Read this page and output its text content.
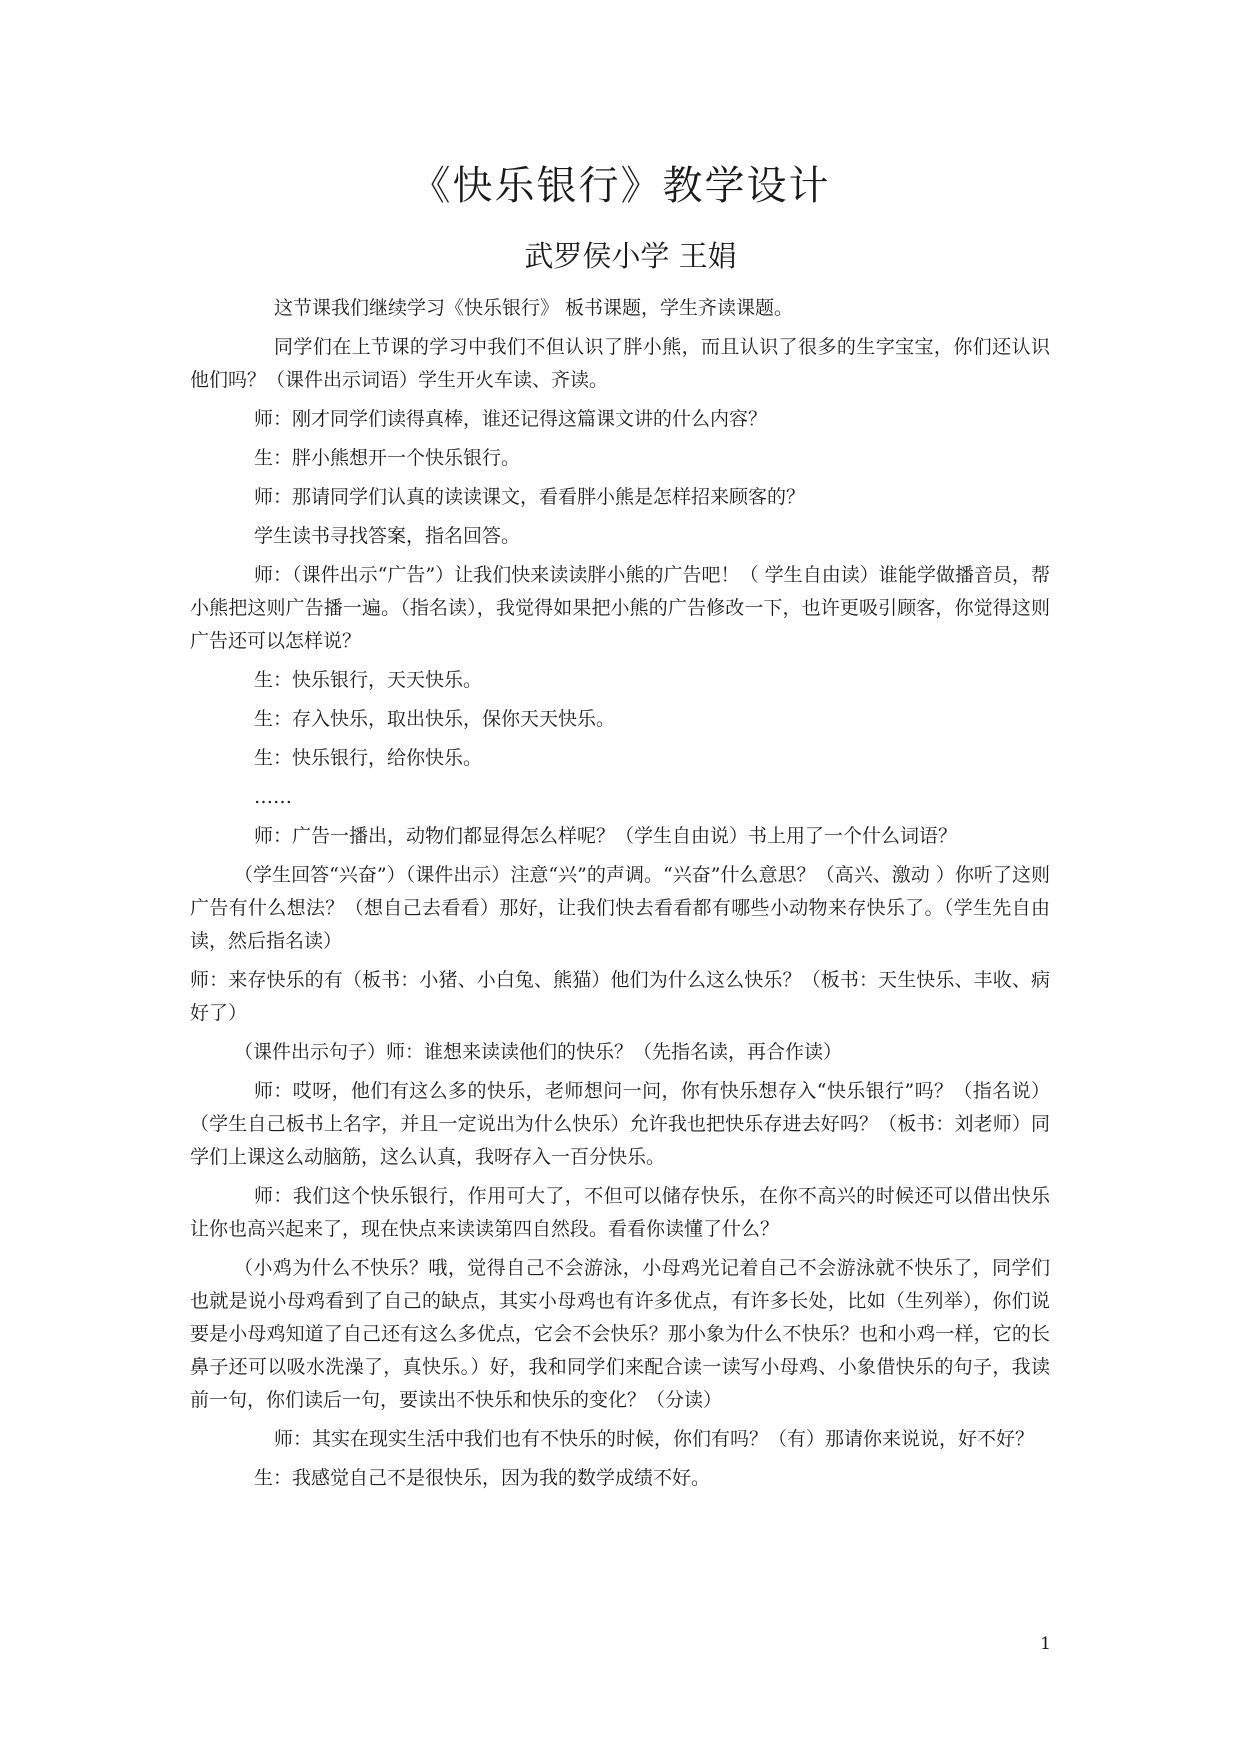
《快乐银行》教学设计
武罗侯小学 王娟

这节课我们继续学习《快乐银行》 板书课题，学生齐读课题。

同学们在上节课的学习中我们不但认识了胖小熊，而且认识了很多的生字宝宝，你们还认识他们吗？（课件出示词语）学生开火车读、齐读。

师：刚才同学们读得真棒，谁还记得这篇课文讲的什么内容？

生：胖小熊想开一个快乐银行。

师：那请同学们认真的读读课文，看看胖小熊是怎样招来顾客的？

学生读书寻找答案，指名回答。

师：（课件出示“广告”）让我们快来读读胖小熊的广告吧！（ 学生自由读）谁能学做播音员，帮小熊把这则广告播一遍。（指名读），我觉得如果把小熊的广告修改一下，也许更吸引顾客，你觉得这则广告还可以怎样说？

生：快乐银行，天天快乐。

生：存入快乐，取出快乐，保你天天快乐。

生：快乐银行，给你快乐。

……

师：广告一播出，动物们都显得怎么样呢？（学生自由说）书上用了一个什么词语？

（学生回答“兴奋”）（课件出示）注意“兴”的声调。“兴奋”什么意思？（高兴、激动 ）你听了这则广告有什么想法？（想自己去看看）那好，让我们快去看看都有哪些小动物来存快乐了。（学生先自由读，然后指名读）

师：来存快乐的有（板书：小猪、小白兔、熊猫）他们为什么这么快乐？（板书：天生快乐、丰收、病好了）

（课件出示句子）师：谁想来读读他们的快乐？（先指名读，再合作读）

师：哎呀，他们有这么多的快乐，老师想问一问，你有快乐想存入“快乐银行”吗？（指名说）（学生自己板书上名字，并且一定说出为什么快乐）允许我也把快乐存进去好吗？（板书：刘老师）同学们上课这么动脑筋，这么认真，我呀存入一百分快乐。

师：我们这个快乐银行，作用可大了，不但可以储存快乐，在你不高兴的时候还可以借出快乐让你也高兴起来了，现在快点来读读第四自然段。看看你读懂了什么？

（小鸡为什么不快乐？哦，觉得自己不会游泳，小母鸡光记着自己不会游泳就不快乐了，同学们也就是说小母鸡看到了自己的缺点，其实小母鸡也有许多优点，有许多长处，比如（生列举），你们说要是小母鸡知道了自己还有这么多优点，它会不会快乐？那小象为什么不快乐？也和小鸡一样，它的长鼻子还可以吸水洗澡了，真快乐。）好，我和同学们来配合读一读写小母鸡、小象借快乐的句子，我读前一句，你们读后一句，要读出不快乐和快乐的变化？（分读）

师：其实在现实生活中我们也有不快乐的时候，你们有吗？（有）那请你来说说，好不好？

生：我感觉自己不是很快乐，因为我的数学成绩不好。

1
